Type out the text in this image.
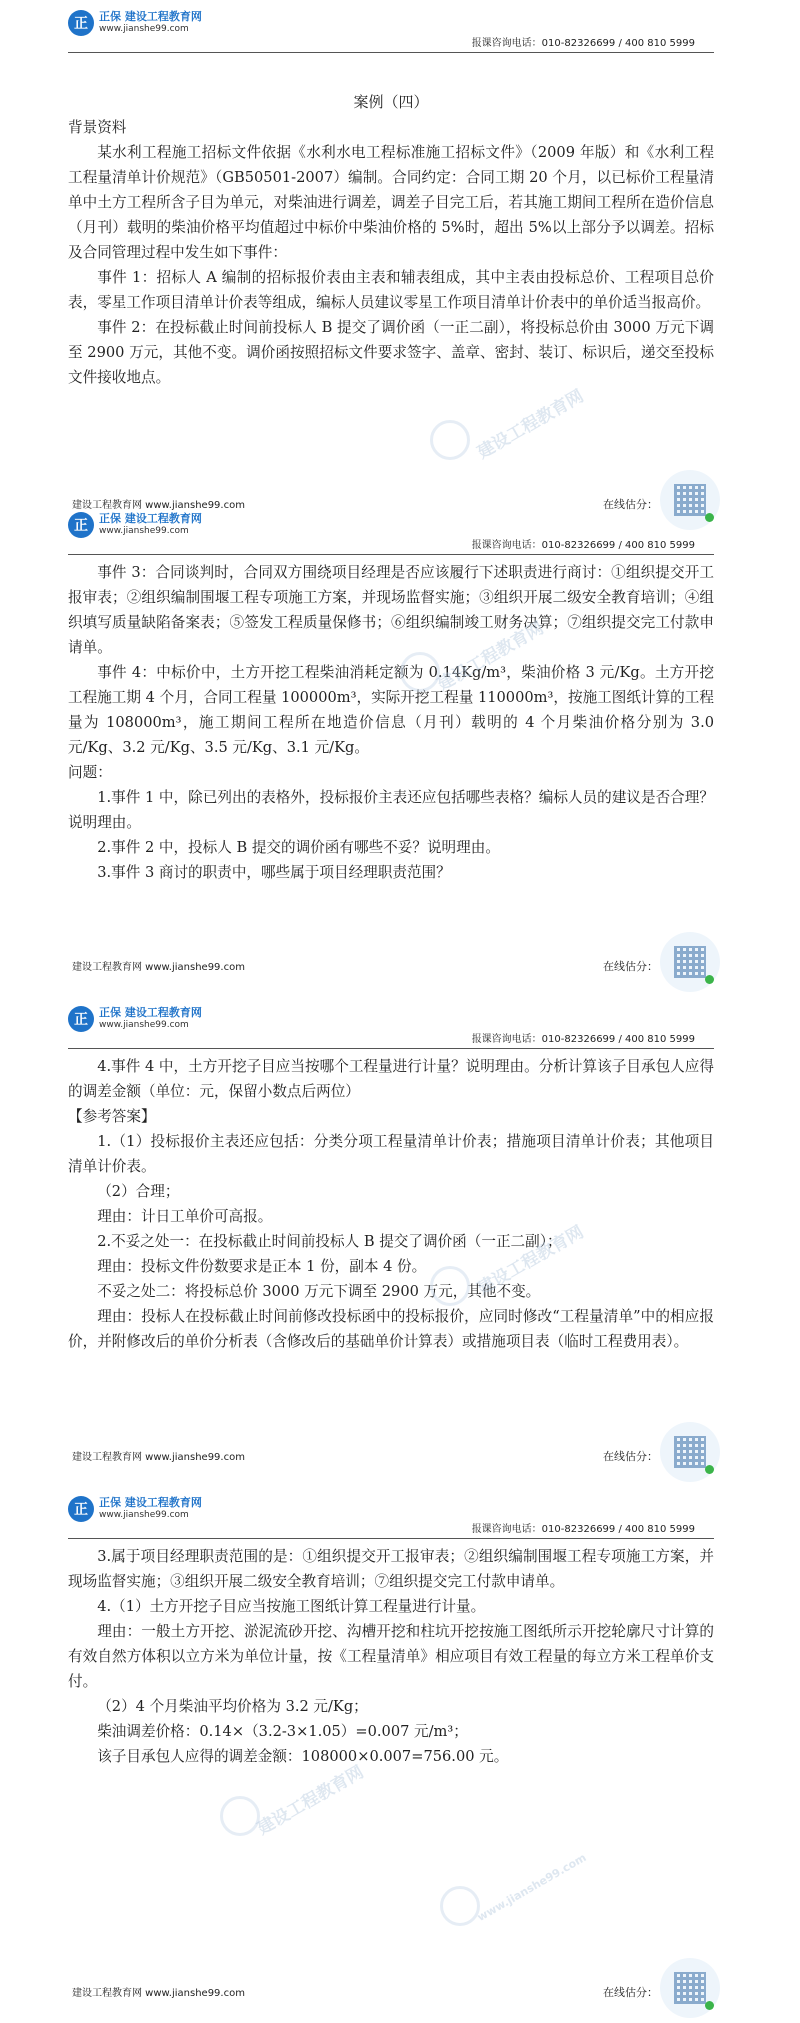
正	正保 建设工程教育网
www.jianshe99.com
报课咨询电话：010-82326699 / 400 810 5999

案例（四）

背景资料

某水利工程施工招标文件依据《水利水电工程标准施工招标文件》（2009 年版）和《水利工程工程量清单计价规范》（GB50501-2007）编制。合同约定：合同工期 20 个月，以已标价工程量清单中土方工程所含子目为单元，对柴油进行调差，调差子目完工后，若其施工期间工程所在造价信息（月刊）载明的柴油价格平均值超过中标价中柴油价格的 5%时，超出 5%以上部分予以调差。招标及合同管理过程中发生如下事件：

事件 1：招标人 A 编制的招标报价表由主表和辅表组成，其中主表由投标总价、工程项目总价表，零星工作项目清单计价表等组成，编标人员建议零星工作项目清单计价表中的单价适当报高价。

事件 2：在投标截止时间前投标人 B 提交了调价函（一正二副），将投标总价由 3000 万元下调至 2900 万元，其他不变。调价函按照招标文件要求签字、盖章、密封、装订、标识后，递交至投标文件接收地点。

建设工程教育网
建设工程教育网 www.jianshe99.com	在线估分：
正	正保 建设工程教育网
www.jianshe99.com
报课咨询电话：010-82326699 / 400 810 5999

事件 3：合同谈判时，合同双方围绕项目经理是否应该履行下述职责进行商讨：①组织提交开工报审表；②组织编制围堰工程专项施工方案，并现场监督实施；③组织开展二级安全教育培训；④组织填写质量缺陷备案表；⑤签发工程质量保修书；⑥组织编制竣工财务决算；⑦组织提交完工付款申请单。

事件 4：中标价中，土方开挖工程柴油消耗定额为 0.14Kg/m³，柴油价格 3 元/Kg。土方开挖工程施工期 4 个月，合同工程量 100000m³，实际开挖工程量 110000m³，按施工图纸计算的工程量为 108000m³，施工期间工程所在地造价信息（月刊）载明的 4 个月柴油价格分别为 3.0 元/Kg、3.2 元/Kg、3.5 元/Kg、3.1 元/Kg。

问题：

1.事件 1 中，除已列出的表格外，投标报价主表还应包括哪些表格？编标人员的建议是否合理？说明理由。

2.事件 2 中，投标人 B 提交的调价函有哪些不妥？说明理由。

3.事件 3 商讨的职责中，哪些属于项目经理职责范围？

建设工程教育网
建设工程教育网 www.jianshe99.com	在线估分：
正	正保 建设工程教育网
www.jianshe99.com
报课咨询电话：010-82326699 / 400 810 5999

4.事件 4 中，土方开挖子目应当按哪个工程量进行计量？说明理由。分析计算该子目承包人应得的调差金额（单位：元，保留小数点后两位）

【参考答案】

1.（1）投标报价主表还应包括：分类分项工程量清单计价表；措施项目清单计价表；其他项目清单计价表。

（2）合理；

理由：计日工单价可高报。

2.不妥之处一：在投标截止时间前投标人 B 提交了调价函（一正二副）；

理由：投标文件份数要求是正本 1 份，副本 4 份。

不妥之处二：将投标总价 3000 万元下调至 2900 万元，其他不变。

理由：投标人在投标截止时间前修改投标函中的投标报价，应同时修改“工程量清单”中的相应报价，并附修改后的单价分析表（含修改后的基础单价计算表）或措施项目表（临时工程费用表）。

建设工程教育网
建设工程教育网 www.jianshe99.com	在线估分：
正	正保 建设工程教育网
www.jianshe99.com
报课咨询电话：010-82326699 / 400 810 5999

3.属于项目经理职责范围的是：①组织提交开工报审表；②组织编制围堰工程专项施工方案，并现场监督实施；③组织开展二级安全教育培训；⑦组织提交完工付款申请单。

4.（1）土方开挖子目应当按施工图纸计算工程量进行计量。

理由：一般土方开挖、淤泥流砂开挖、沟槽开挖和柱坑开挖按施工图纸所示开挖轮廓尺寸计算的有效自然方体积以立方米为单位计量，按《工程量清单》相应项目有效工程量的每立方米工程单价支付。

（2）4 个月柴油平均价格为 3.2 元/Kg；

柴油调差价格：0.14×（3.2-3×1.05）=0.007 元/m³；

该子目承包人应得的调差金额：108000×0.007=756.00 元。

建设工程教育网
www.jianshe99.com
建设工程教育网 www.jianshe99.com	在线估分：
